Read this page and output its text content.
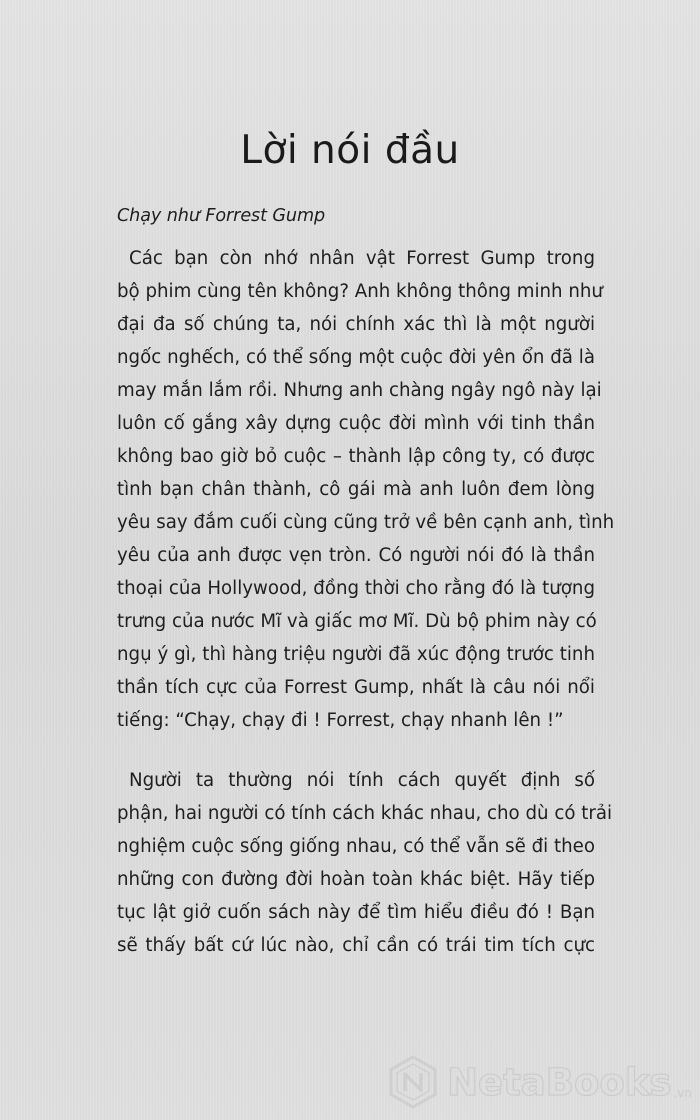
Lời nói đầu
Chạy như Forrest Gump
Các bạn còn nhớ nhân vật Forrest Gump trong
bộ phim cùng tên không? Anh không thông minh như
đại đa số chúng ta, nói chính xác thì là một người
ngốc nghếch, có thể sống một cuộc đời yên ổn đã là
may mắn lắm rồi. Nhưng anh chàng ngây ngô này lại
luôn cố gắng xây dựng cuộc đời mình với tinh thần
không bao giờ bỏ cuộc – thành lập công ty, có được
tình bạn chân thành, cô gái mà anh luôn đem lòng
yêu say đắm cuối cùng cũng trở về bên cạnh anh, tình
yêu của anh được vẹn tròn. Có người nói đó là thần
thoại của Hollywood, đồng thời cho rằng đó là tượng
trưng của nước Mĩ và giấc mơ Mĩ. Dù bộ phim này có
ngụ ý gì, thì hàng triệu người đã xúc động trước tinh
thần tích cực của Forrest Gump, nhất là câu nói nổi
tiếng: “Chạy, chạy đi ! Forrest, chạy nhanh lên !”
Người ta thường nói tính cách quyết định số
phận, hai người có tính cách khác nhau, cho dù có trải
nghiệm cuộc sống giống nhau, có thể vẫn sẽ đi theo
những con đường đời hoàn toàn khác biệt. Hãy tiếp
tục lật giở cuốn sách này để tìm hiểu điều đó ! Bạn
sẽ thấy bất cứ lúc nào, chỉ cần có trái tim tích cực
NetaBooks .vn
